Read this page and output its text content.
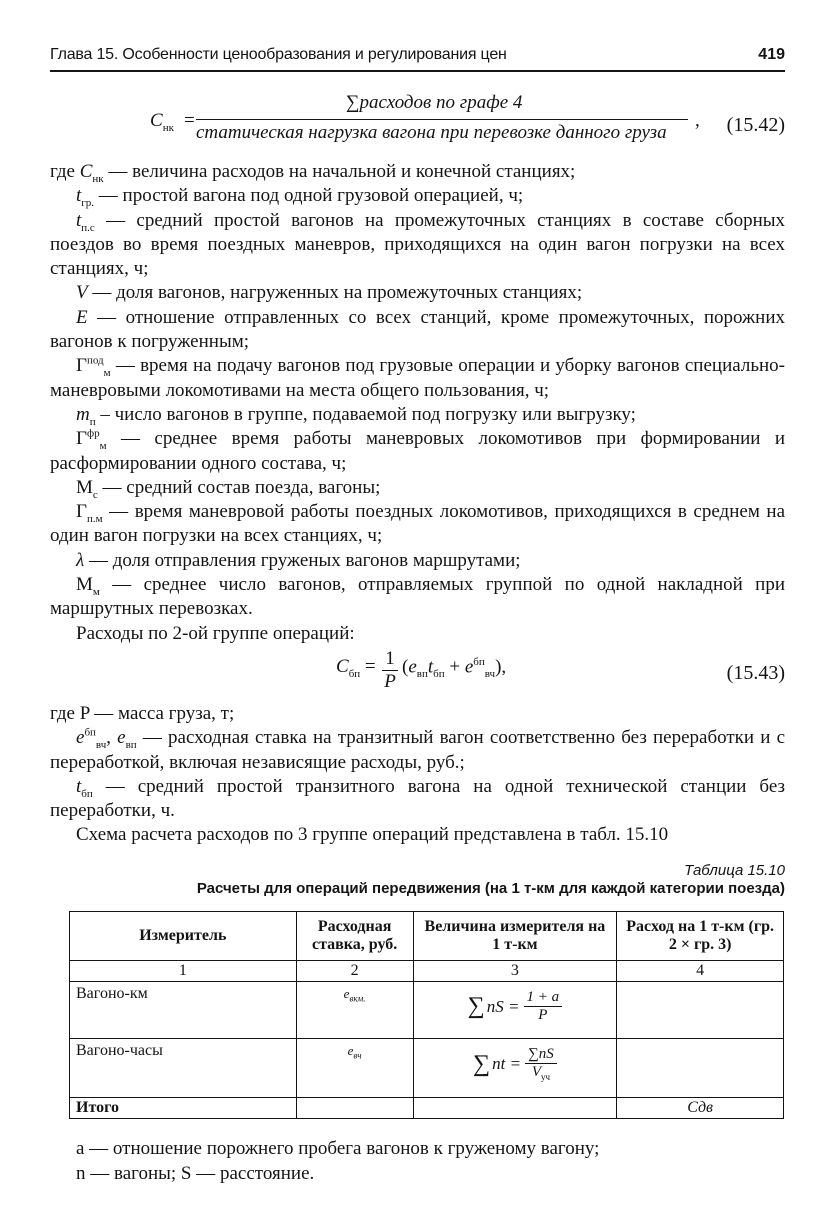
Глава 15. Особенности ценообразования и регулирования цен	419
$C_{нк}$ =
∑расходов по графе 4
статическая нагрузка вагона при перевозке данного груза
, (15.42)

где $C_{нк}$ — величина расходов на начальной и конечной станциях;

$t_{гр.}$ — простой вагона под одной грузовой операцией, ч;

$t_{п.с}$ — средний простой вагонов на промежуточных станциях в составе сборных поездов во время поездных маневров, приходящихся на один вагон погрузки на всех станциях, ч;

V — доля вагонов, нагруженных на промежуточных станциях;

E — отношение отправленных со всех станций, кроме промежуточных, порожних вагонов к погруженным;

$Г^{под}_м$ — время на подачу вагонов под грузовые операции и уборку вагонов специально-маневровыми локомотивами на места общего пользования, ч;

$m_п$ – число вагонов в группе, подаваемой под погрузку или выгрузку;

$Г^{фр}_м$ — среднее время работы маневровых локомотивов при формировании и расформировании одного состава, ч;

$М_с$ — средний состав поезда, вагоны;

$Г_{п.м}$ — время маневровой работы поездных локомотивов, приходящихся в среднем на один вагон погрузки на всех станциях, ч;

λ — доля отправления груженых вагонов маршрутами;

$М_м$ — среднее число вагонов, отправляемых группой по одной накладной при маршрутных перевозках.

Расходы по 2-ой группе операций:

$C_{бп} = 1$
P
$(e_{вп}t_{бп} + e^{бп}_{вч})$,	(15.43)

где P — масса груза, т;

$e^{бп}_{вч}$, $e_{вп}$ — расходная ставка на транзитный вагон соответственно без переработки и с переработкой, включая независящие расходы, руб.;

$t_{бп}$ — средний простой транзитного вагона на одной технической станции без переработки, ч.

Схема расчета расходов по 3 группе операций представлена в табл. 15.10

Таблица 15.10
Расчеты для операций передвижения (на 1 т-км для каждой категории поезда)
Измеритель	Расходная ставка, руб.	Величина измерителя на 1 т-км	Расход на 1 т-км (гр. 2 × гр. 3)
1	2	3	4
Вагоно-км	$e_{вкм.}$	∑ nS = 1 + a
P	

Вагоно-часы	$e_{вч}$	∑ nt = ∑nS
$V_{уч}$

Итого			Сдв

a — отношение порожнего пробега вагонов к груженому вагону;

n — вагоны; S — расстояние.
